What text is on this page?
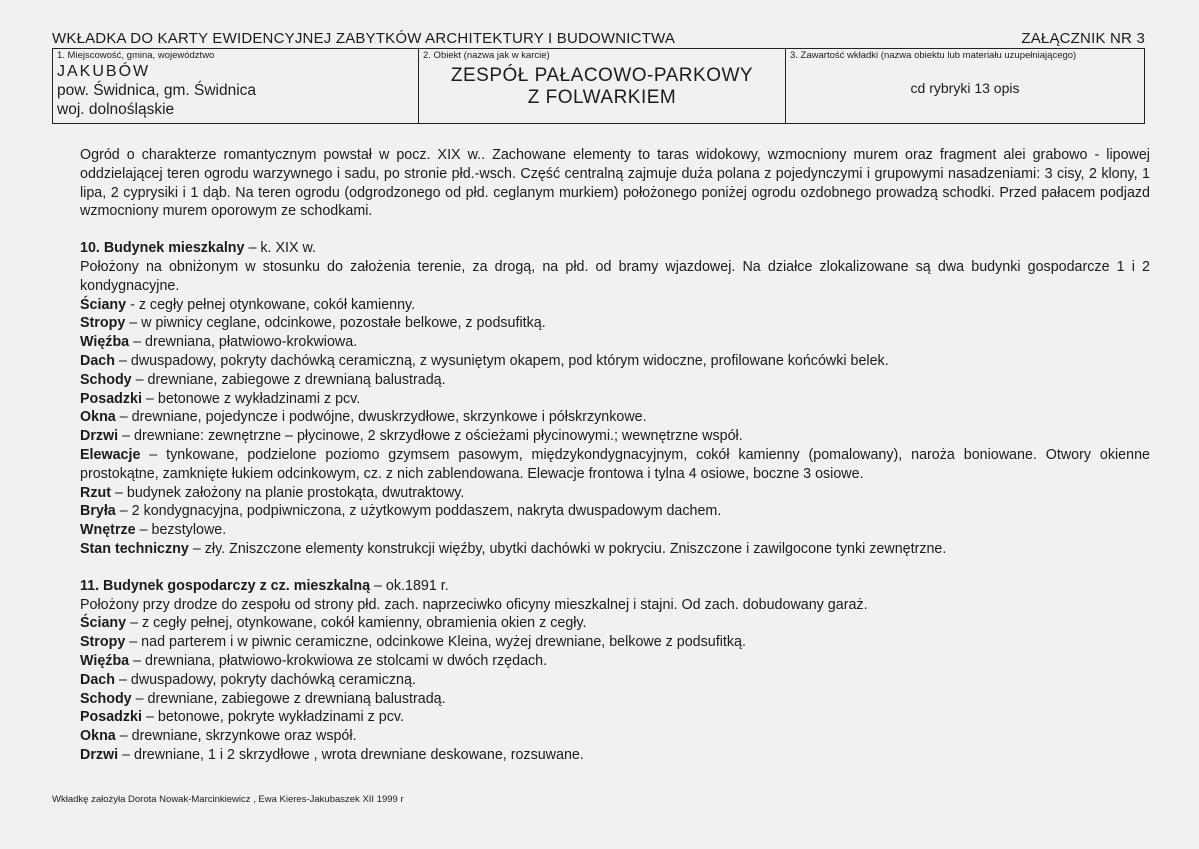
WKŁADKA DO KARTY EWIDENCYJNEJ ZABYTKÓW ARCHITEKTURY I BUDOWNICTWA	ZAŁĄCZNIK NR 3
1. Miejscowość, gmina, województwo
JAKUBÓW
pow. Świdnica, gm. Świdnica
woj. dolnośląskie
2. Obiekt (nazwa jak w karcie)
ZESPÓŁ PAŁACOWO-PARKOWY
Z FOLWARKIEM
3. Zawartość wkładki (nazwa obiektu lub materiału uzupełniającego)
cd rybryki 13 opis

Ogród o charakterze romantycznym powstał w pocz. XIX w.. Zachowane elementy to taras widokowy, wzmocniony murem oraz fragment alei grabowo - lipowej oddzielającej teren ogrodu warzywnego i sadu, po stronie płd.-wsch. Część centralną zajmuje duża polana z pojedynczymi i grupowymi nasadzeniami: 3 cisy, 2 klony, 1 lipa, 2 cyprysiki i 1 dąb. Na teren ogrodu (odgrodzonego od płd. ceglanym murkiem) położonego poniżej ogrodu ozdobnego prowadzą schodki. Przed pałacem podjazd wzmocniony murem oporowym ze schodkami.

10. Budynek mieszkalny – k. XIX w.

Położony na obniżonym w stosunku do założenia terenie, za drogą, na płd. od bramy wjazdowej. Na działce zlokalizowane są dwa budynki gospodarcze 1 i 2 kondygnacyjne.

Ściany - z cegły pełnej otynkowane, cokół kamienny.

Stropy – w piwnicy ceglane, odcinkowe, pozostałe belkowe, z podsufitką.

Więźba – drewniana, płatwiowo-krokwiowa.

Dach – dwuspadowy, pokryty dachówką ceramiczną, z wysuniętym okapem, pod którym widoczne, profilowane końcówki belek.

Schody – drewniane, zabiegowe z drewnianą balustradą.

Posadzki – betonowe z wykładzinami z pcv.

Okna – drewniane, pojedyncze i podwójne, dwuskrzydłowe, skrzynkowe i półskrzynkowe.

Drzwi – drewniane: zewnętrzne – płycinowe, 2 skrzydłowe z ościeżami płycinowymi.; wewnętrzne współ.

Elewacje – tynkowane, podzielone poziomo gzymsem pasowym, międzykondygnacyjnym, cokół kamienny (pomalowany), naroża boniowane. Otwory okienne prostokątne, zamknięte łukiem odcinkowym, cz. z nich zablendowana. Elewacje frontowa i tylna 4 osiowe, boczne 3 osiowe.

Rzut – budynek założony na planie prostokąta, dwutraktowy.

Bryła – 2 kondygnacyjna, podpiwniczona, z użytkowym poddaszem, nakryta dwuspadowym dachem.

Wnętrze – bezstylowe.

Stan techniczny – zły. Zniszczone elementy konstrukcji więźby, ubytki dachówki w pokryciu. Zniszczone i zawilgocone tynki zewnętrzne.

11. Budynek gospodarczy z cz. mieszkalną – ok.1891 r.

Położony przy drodze do zespołu od strony płd. zach. naprzeciwko oficyny mieszkalnej i stajni. Od zach. dobudowany garaż.

Ściany – z cegły pełnej, otynkowane, cokół kamienny, obramienia okien z cegły.

Stropy – nad parterem i w piwnic ceramiczne, odcinkowe Kleina, wyżej drewniane, belkowe z podsufitką.

Więźba – drewniana, płatwiowo-krokwiowa ze stolcami w dwóch rzędach.

Dach – dwuspadowy, pokryty dachówką ceramiczną.

Schody – drewniane, zabiegowe z drewnianą balustradą.

Posadzki – betonowe, pokryte wykładzinami z pcv.

Okna – drewniane, skrzynkowe oraz współ.

Drzwi – drewniane, 1 i 2 skrzydłowe , wrota drewniane deskowane, rozsuwane.

Wkładkę założyła Dorota Nowak-Marcinkiewicz , Ewa Kieres-Jakubaszek XII 1999 r
